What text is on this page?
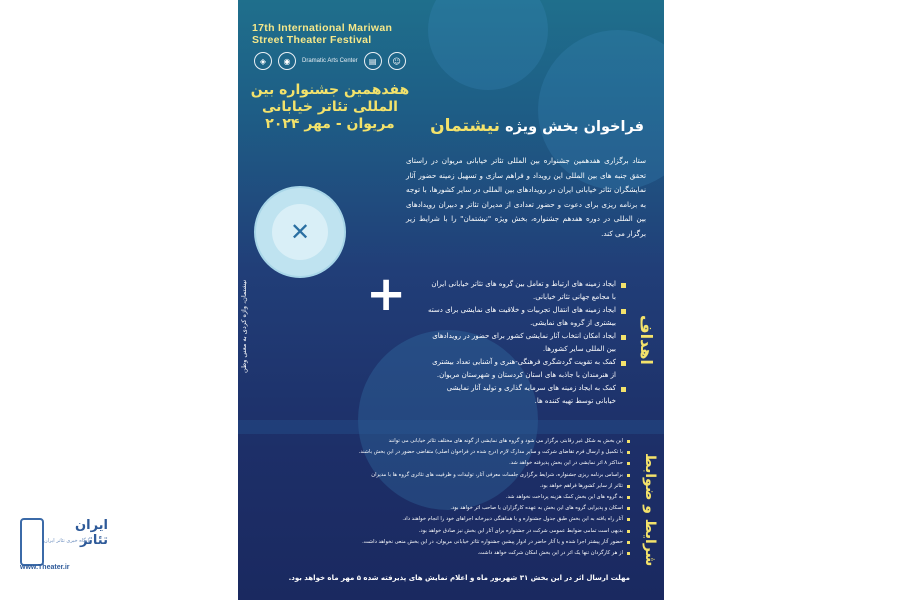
17th International Mariwan
Street Theater Festival
◈	◉	Dramatic Arts Center	▤	☺
هفدهمین جشنواره بین المللی تئاتر خیابانی مریوان - مهر ۲۰۲۴	فراخوان بخش ویژه نیشتمان
ستاد برگزاری هفدهمین جشنواره بین المللی تئاتر خیابانی مریوان در راستای تحقق جنبه های بین المللی این رویداد و فراهم سازی و تسهیل زمینه حضور آثار نمایشگران تئاتر خیابانی ایران در رویدادهای بین المللی در سایر کشورها، با توجه به برنامه ریزی برای دعوت و حضور تعدادی از مدیران تئاتر و دبیران رویدادهای بین المللی در دوره هفدهم جشنواره، بخش ویژه "نیشتمان" را با شرایط زیر برگزار می کند.
✕
نیشتمان، واژه کردی به معنی وطن +
اهداف
ایجاد زمینه های ارتباط و تعامل بین گروه های تئاتر خیابانی ایران با مجامع جهانی تئاتر خیابانی.
ایجاد زمینه های انتقال تجربیات و خلاقیت های نمایشی برای دسته بیشتری از گروه های نمایشی.
ایجاد امکان انتخاب آثار نمایشی کشور برای حضور در رویدادهای بین المللی سایر کشورها.
کمک به تقویت گردشگری فرهنگی-هنری و آشنایی تعداد بیشتری از هنرمندان با جاذبه های استان کردستان و شهرستان مریوان.
کمک به ایجاد زمینه های سرمایه گذاری و تولید آثار نمایشی خیابانی توسط تهیه کننده ها.
شرایط و ضوابط
این بخش به شکل غیر رقابتی برگزار می شود و گروه های نمایشی از گونه های مختلف تئاتر خیابانی می توانند
با تکمیل و ارسال فرم تقاضای شرکت و سایر مدارک لازم (درج شده در فراخوان اصلی) متقاضی حضور در این بخش باشند.
حداکثر ۸ اثر نمایشی در این بخش پذیرفته خواهد شد.
براساس برنامه ریزی جشنواره، شرایط برگزاری جلسات معرفی آثار، تولیدات و ظرفیت های تئاتری گروه ها با مدیران
تئاتر از سایر کشورها فراهم خواهد بود.
به گروه های این بخش کمک هزینه پرداخت نخواهد شد.
اسکان و پذیرایی گروه های این بخش به عهده کارگزاران یا صاحب اثر خواهد بود.
آثار راه یافته به این بخش طبق جدول جشنواره و با هماهنگی دبیرخانه اجراهای خود را انجام خواهند داد.
بدیهی است تمامی ضوابط عمومی شرکت در جشنواره برای آثار این بخش نیز صادق خواهد بود.
حضور آثار پیشتر اجرا شده و یا آثار حاضر در ادوار پیشین جشنواره تئاتر خیابانی مریوان، در این بخش منعی نخواهد داشت.
از هر کارگردان تنها یک اثر در این بخش امکان شرکت خواهد داشت.
مهلت ارسال اثر در این بخش ۳۱ شهریور ماه و اعلام نمایش های پذیرفته شده ۵ مهر ماه خواهد بود.
ایران تئاتر
پایگاه خبری تئاتر ایران
www.Theater.ir
